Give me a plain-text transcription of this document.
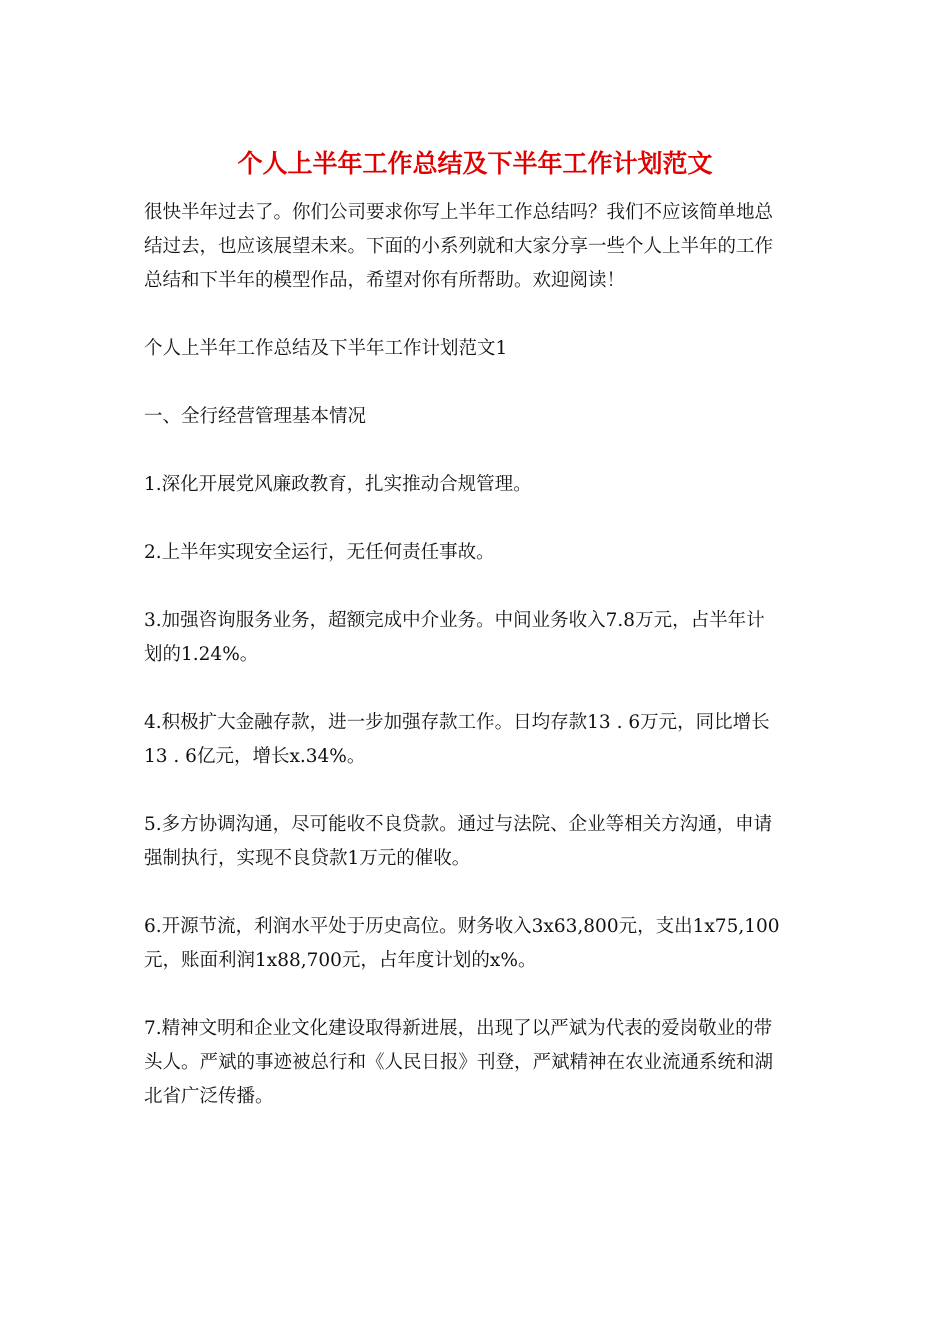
个人上半年工作总结及下半年工作计划范文
很快半年过去了。你们公司要求你写上半年工作总结吗？我们不应该简单地总
结过去，也应该展望未来。下面的小系列就和大家分享一些个人上半年的工作
总结和下半年的模型作品，希望对你有所帮助。欢迎阅读！
个人上半年工作总结及下半年工作计划范文1
一、全行经营管理基本情况
1.深化开展党风廉政教育，扎实推动合规管理。
2.上半年实现安全运行，无任何责任事故。
3.加强咨询服务业务，超额完成中介业务。中间业务收入7.8万元，占半年计
划的1.24%。
4.积极扩大金融存款，进一步加强存款工作。日均存款13 . 6万元，同比增长
13 . 6亿元，增长x.34%。
5.多方协调沟通，尽可能收不良贷款。通过与法院、企业等相关方沟通，申请
强制执行，实现不良贷款1万元的催收。
6.开源节流，利润水平处于历史高位。财务收入3x63,800元，支出1x75,100
元，账面利润1x88,700元，占年度计划的x%。
7.精神文明和企业文化建设取得新进展，出现了以严斌为代表的爱岗敬业的带
头人。严斌的事迹被总行和《人民日报》刊登，严斌精神在农业流通系统和湖
北省广泛传播。
